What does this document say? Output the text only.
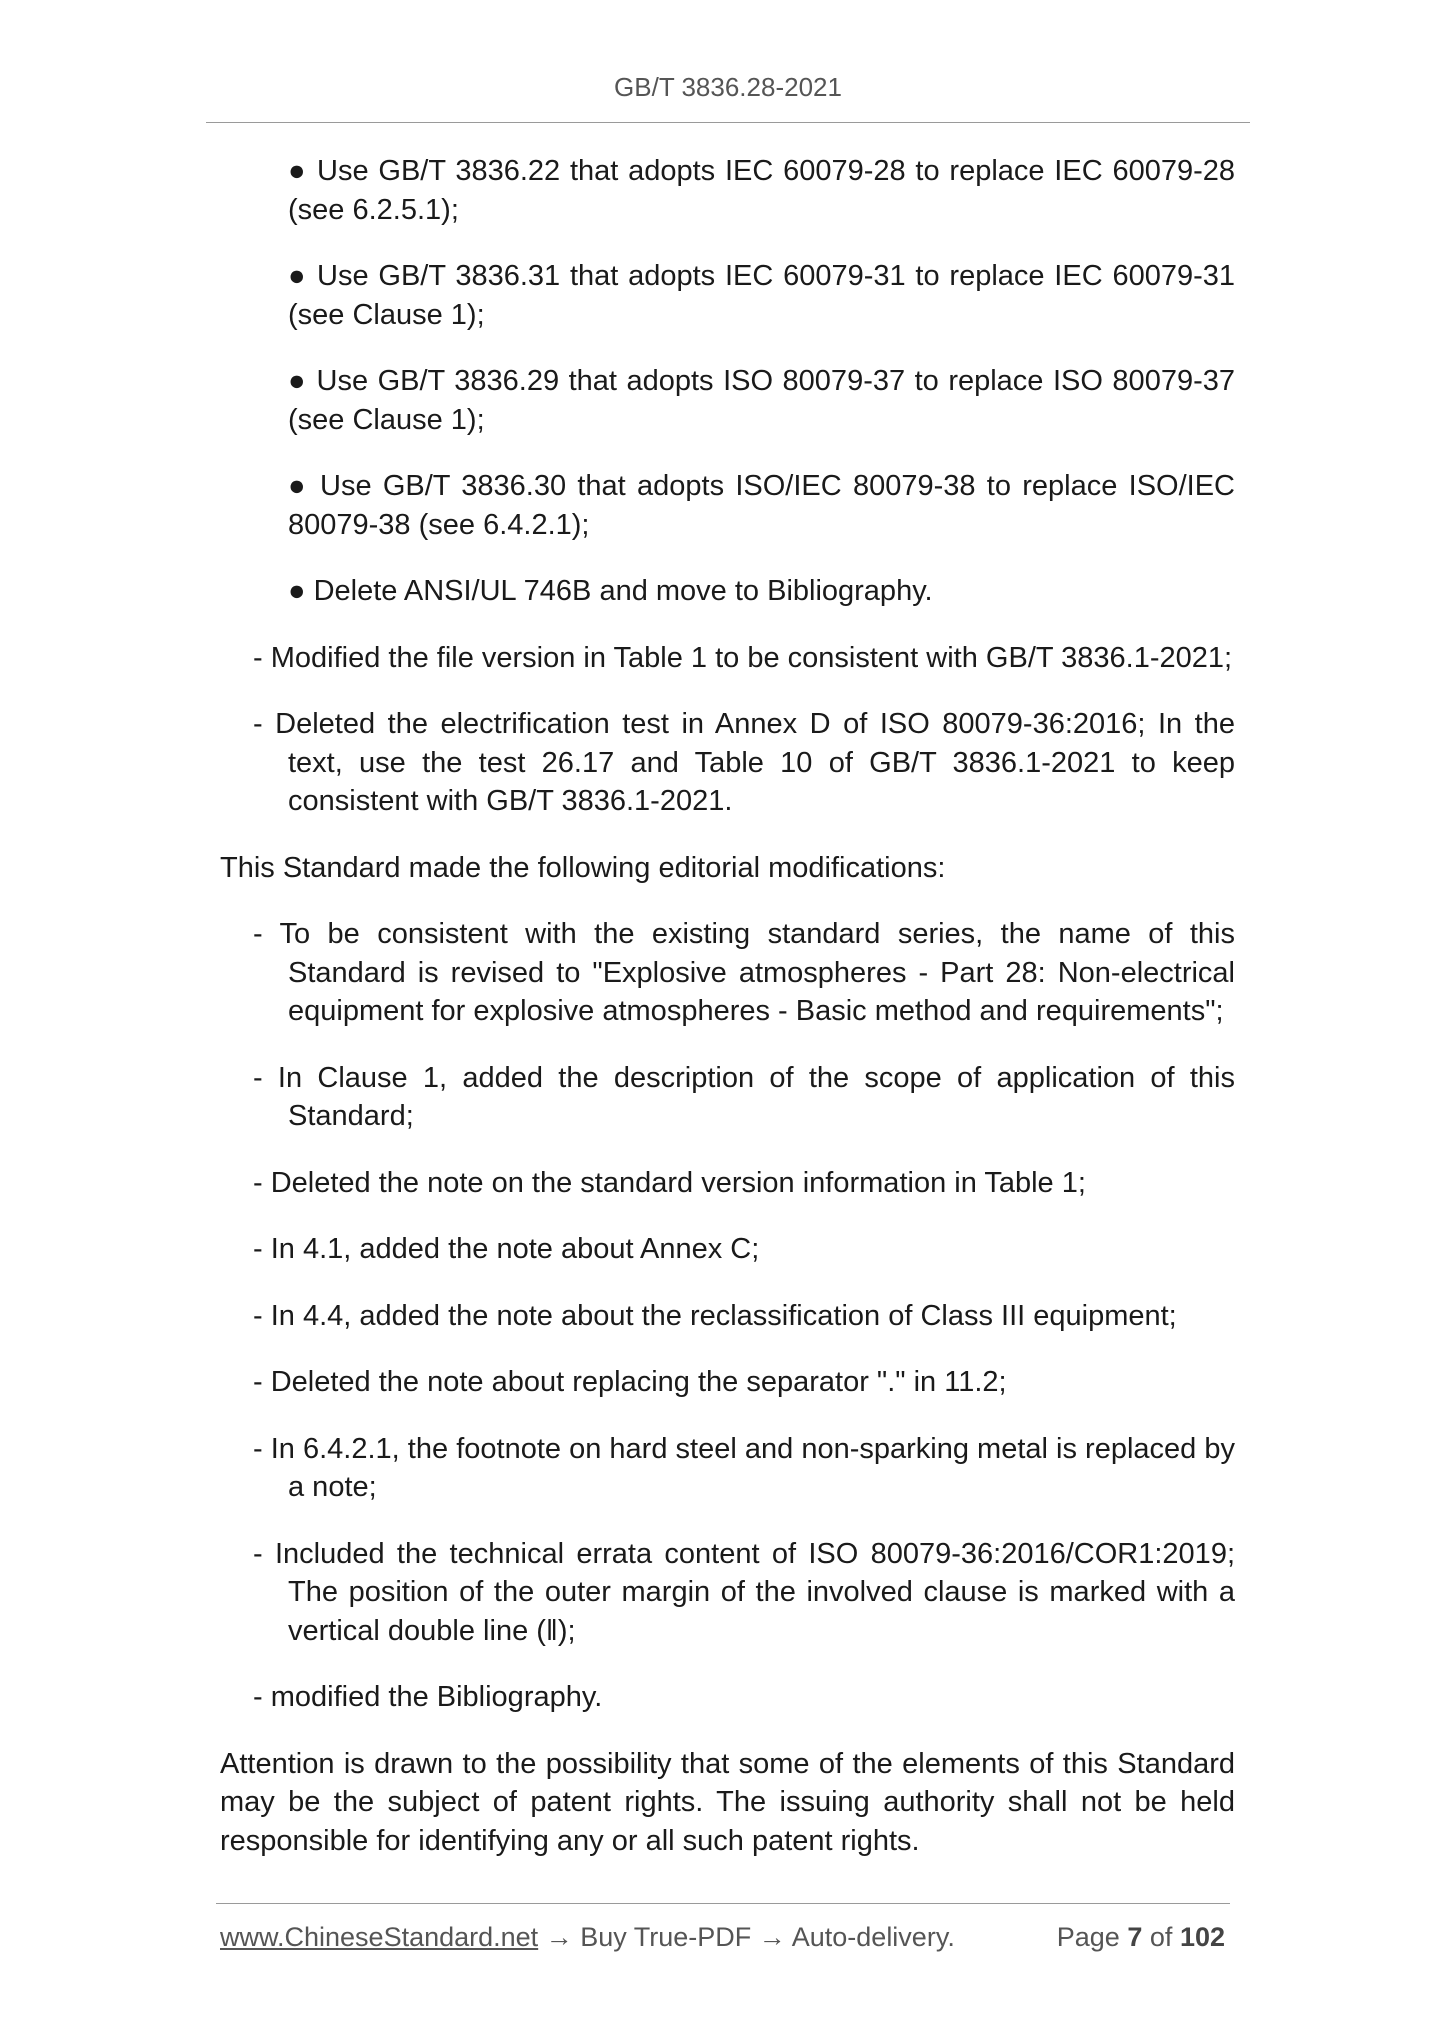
GB/T 3836.28-2021

● Use GB/T 3836.22 that adopts IEC 60079-28 to replace IEC 60079-28 (see 6.2.5.1);

● Use GB/T 3836.31 that adopts IEC 60079-31 to replace IEC 60079-31 (see Clause 1);

● Use GB/T 3836.29 that adopts ISO 80079-37 to replace ISO 80079-37 (see Clause 1);

● Use GB/T 3836.30 that adopts ISO/IEC 80079-38 to replace ISO/IEC 80079-38 (see 6.4.2.1);

● Delete ANSI/UL 746B and move to Bibliography.

- Modified the file version in Table 1 to be consistent with GB/T 3836.1-2021;

- Deleted the electrification test in Annex D of ISO 80079-36:2016; In the text, use the test 26.17 and Table 10 of GB/T 3836.1-2021 to keep consistent with GB/T 3836.1-2021.

This Standard made the following editorial modifications:

- To be consistent with the existing standard series, the name of this Standard is revised to "Explosive atmospheres - Part 28: Non-electrical equipment for explosive atmospheres - Basic method and requirements";

- In Clause 1, added the description of the scope of application of this Standard;

- Deleted the note on the standard version information in Table 1;

- In 4.1, added the note about Annex C;

- In 4.4, added the note about the reclassification of Class III equipment;

- Deleted the note about replacing the separator "." in 11.2;

- In 6.4.2.1, the footnote on hard steel and non-sparking metal is replaced by a note;

- Included the technical errata content of ISO 80079-36:2016/COR1:2019; The position of the outer margin of the involved clause is marked with a vertical double line (‖);

- modified the Bibliography.

Attention is drawn to the possibility that some of the elements of this Standard may be the subject of patent rights. The issuing authority shall not be held responsible for identifying any or all such patent rights.

www.ChineseStandard.net → Buy True-PDF → Auto-delivery.	Page 7 of 102
